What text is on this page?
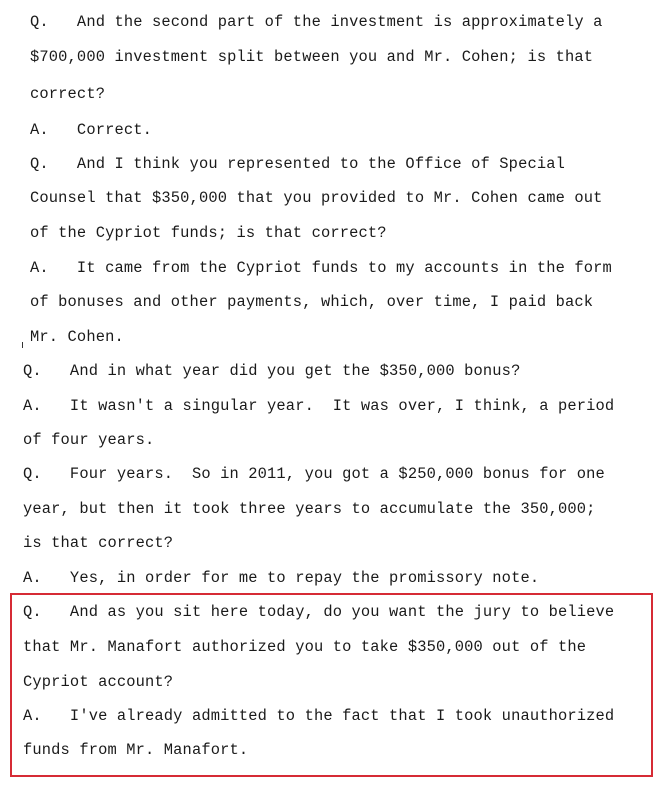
Q.   And the second part of the investment is approximately a
$700,000 investment split between you and Mr. Cohen; is that
correct?
A.   Correct.
Q.   And I think you represented to the Office of Special
Counsel that $350,000 that you provided to Mr. Cohen came out
of the Cypriot funds; is that correct?
A.   It came from the Cypriot funds to my accounts in the form
of bonuses and other payments, which, over time, I paid back
Mr. Cohen.
Q.   And in what year did you get the $350,000 bonus?
A.   It wasn't a singular year.  It was over, I think, a period
of four years.
Q.   Four years.  So in 2011, you got a $250,000 bonus for one
year, but then it took three years to accumulate the 350,000;
is that correct?
A.   Yes, in order for me to repay the promissory note.
Q.   And as you sit here today, do you want the jury to believe
that Mr. Manafort authorized you to take $350,000 out of the
Cypriot account?
A.   I've already admitted to the fact that I took unauthorized
funds from Mr. Manafort.
